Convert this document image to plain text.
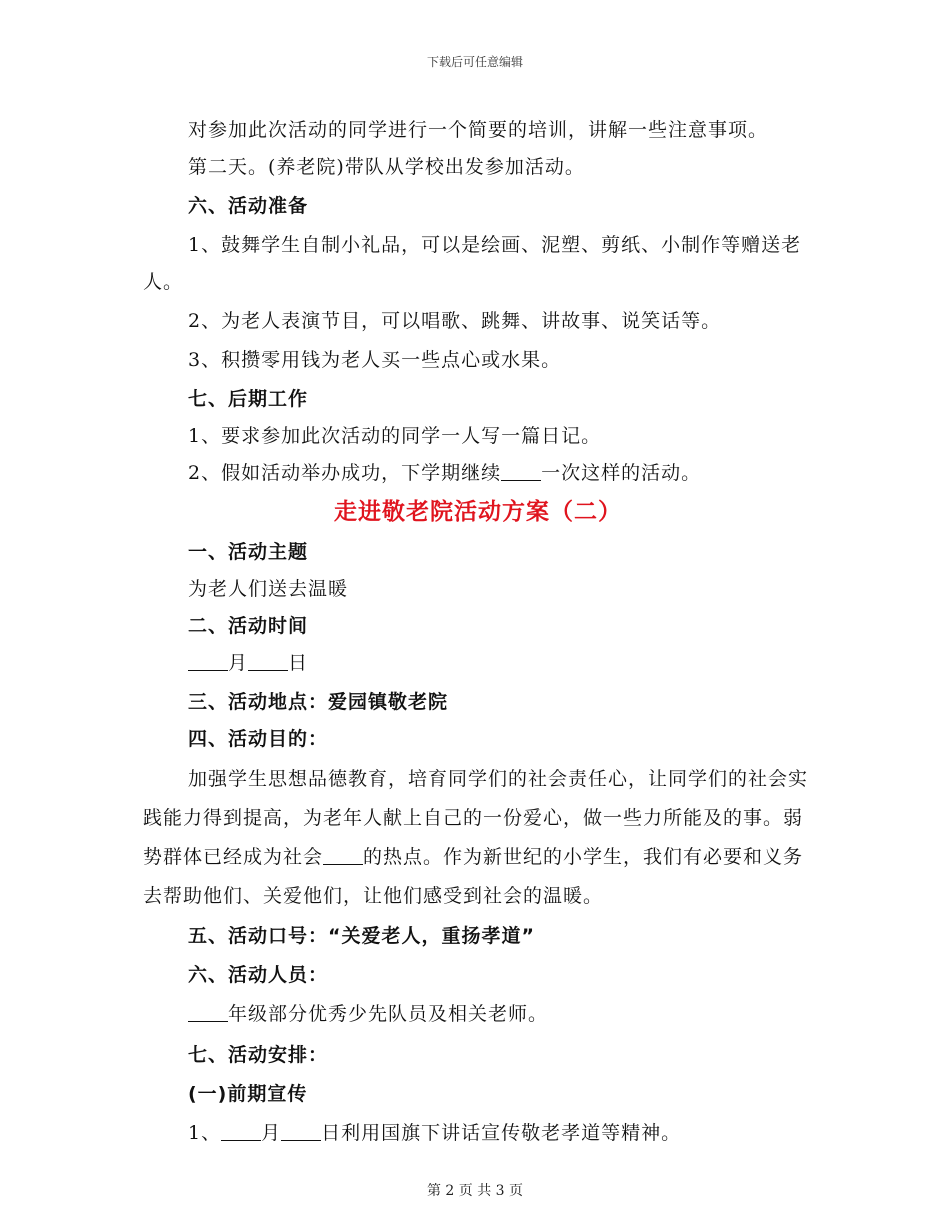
下载后可任意编辑

对参加此次活动的同学进行一个简要的培训，讲解一些注意事项。

第二天。(养老院)带队从学校出发参加活动。

六、活动准备

1、鼓舞学生自制小礼品，可以是绘画、泥塑、剪纸、小制作等赠送老人。

2、为老人表演节目，可以唱歌、跳舞、讲故事、说笑话等。

3、积攒零用钱为老人买一些点心或水果。

七、后期工作

1、要求参加此次活动的同学一人写一篇日记。

2、假如活动举办成功，下学期继续 一次这样的活动。

走进敬老院活动方案（二）

一、活动主题

为老人们送去温暖

二、活动时间

月 日

三、活动地点：爱园镇敬老院

四、活动目的：

加强学生思想品德教育，培育同学们的社会责任心，让同学们的社会实践能力得到提高，为老年人献上自己的一份爱心，做一些力所能及的事。弱势群体已经成为社会 的热点。作为新世纪的小学生，我们有必要和义务去帮助他们、关爱他们，让他们感受到社会的温暖。

五、活动口号：“关爱老人，重扬孝道”

六、活动人员：

年级部分优秀少先队员及相关老师。

七、活动安排：

(一)前期宣传

1、 月 日利用国旗下讲话宣传敬老孝道等精神。

第 2 页 共 3 页
